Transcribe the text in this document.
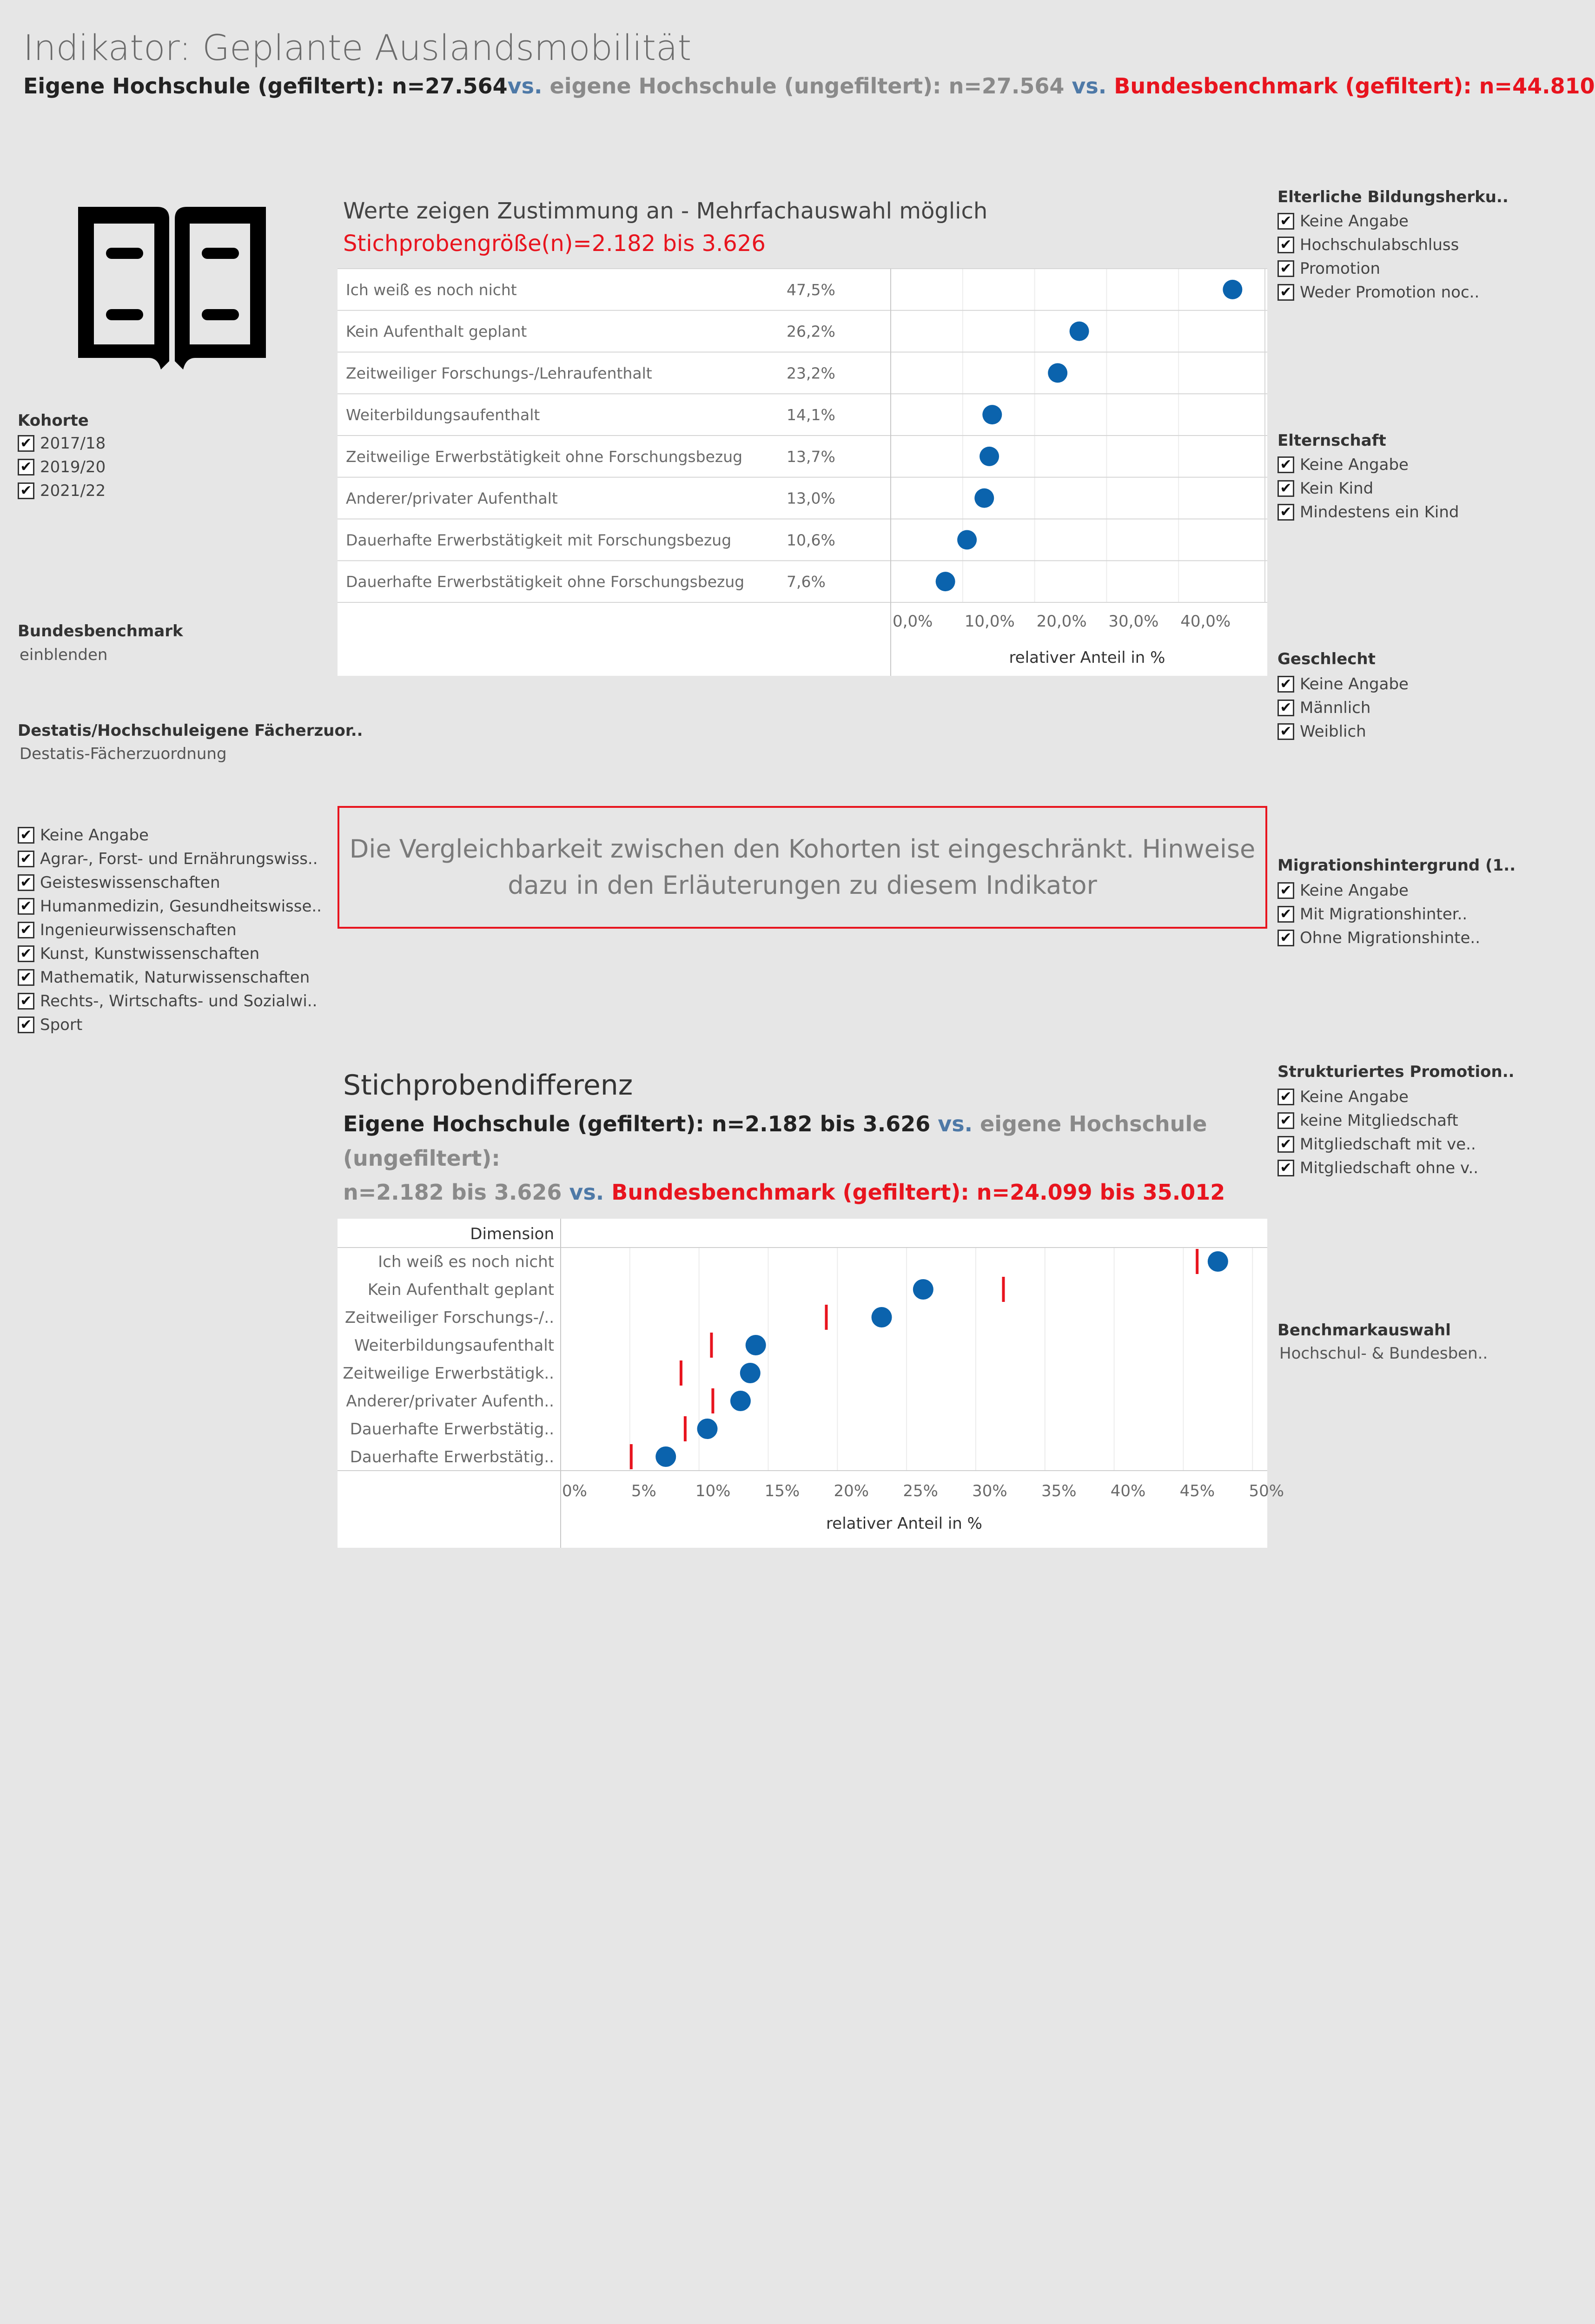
Indikator: Geplante Auslandsmobilität
Eigene Hochschule (gefiltert): n=27.564vs. eigene Hochschule (ungefiltert): n=27.564 vs. Bundesbenchmark (gefiltert): n=44.810
Kohorte
✔ 2017/18
✔ 2019/20
✔ 2021/22
Bundesbenchmark
einblenden
Destatis/Hochschuleigene Fächerzuor..
Destatis-Fächerzuordnung
✔ Keine Angabe
✔ Agrar-, Forst- und Ernährungswiss..
✔ Geisteswissenschaften
✔ Humanmedizin, Gesundheitswisse..
✔ Ingenieurwissenschaften
✔ Kunst, Kunstwissenschaften
✔ Mathematik, Naturwissenschaften
✔ Rechts-, Wirtschafts- und Sozialwi..
✔ Sport
Elterliche Bildungsherku..
✔ Keine Angabe
✔ Hochschulabschluss
✔ Promotion
✔ Weder Promotion noc..
Elternschaft
✔ Keine Angabe
✔ Kein Kind
✔ Mindestens ein Kind
Geschlecht
✔ Keine Angabe
✔ Männlich
✔ Weiblich
Migrationshintergrund (1..
✔ Keine Angabe
✔ Mit Migrationshinter..
✔ Ohne Migrationshinte..
Strukturiertes Promotion..
✔ Keine Angabe
✔ keine Mitgliedschaft
✔ Mitgliedschaft mit ve..
✔ Mitgliedschaft ohne v..
Benchmarkauswahl
Hochschul- & Bundesben..
Werte zeigen Zustimmung an - Mehrfachauswahl möglich Stichprobengröße(n)=2.182 bis 3.626
Ich weiß es noch nicht	47,5%
Kein Aufenthalt geplant	26,2%
Zeitweiliger Forschungs-/Lehraufenthalt	23,2%
Weiterbildungsaufenthalt	14,1%
Zeitweilige Erwerbstätigkeit ohne Forschungsbezug	13,7%
Anderer/privater Aufenthalt	13,0%
Dauerhafte Erwerbstätigkeit mit Forschungsbezug	10,6%
Dauerhafte Erwerbstätigkeit ohne Forschungsbezug	7,6%
0,0% 10,0% 20,0% 30,0% 40,0%
relativer Anteil in %
Die Vergleichbarkeit zwischen den Kohorten ist eingeschränkt. Hinweise
dazu in den Erläuterungen zu diesem Indikator
Stichprobendifferenz
Eigene Hochschule (gefiltert): n=2.182 bis 3.626 vs. eigene Hochschule (ungefiltert):
n=2.182 bis 3.626 vs. Bundesbenchmark (gefiltert): n=24.099 bis 35.012
Dimension
Ich weiß es noch nicht
Kein Aufenthalt geplant
Zeitweiliger Forschungs-/..
Weiterbildungsaufenthalt
Zeitweilige Erwerbstätigk..
Anderer/privater Aufenth..
Dauerhafte Erwerbstätig..
Dauerhafte Erwerbstätig..
0%	5% 10% 15% 20% 25% 30% 35% 40% 45% 50%
relativer Anteil in %
